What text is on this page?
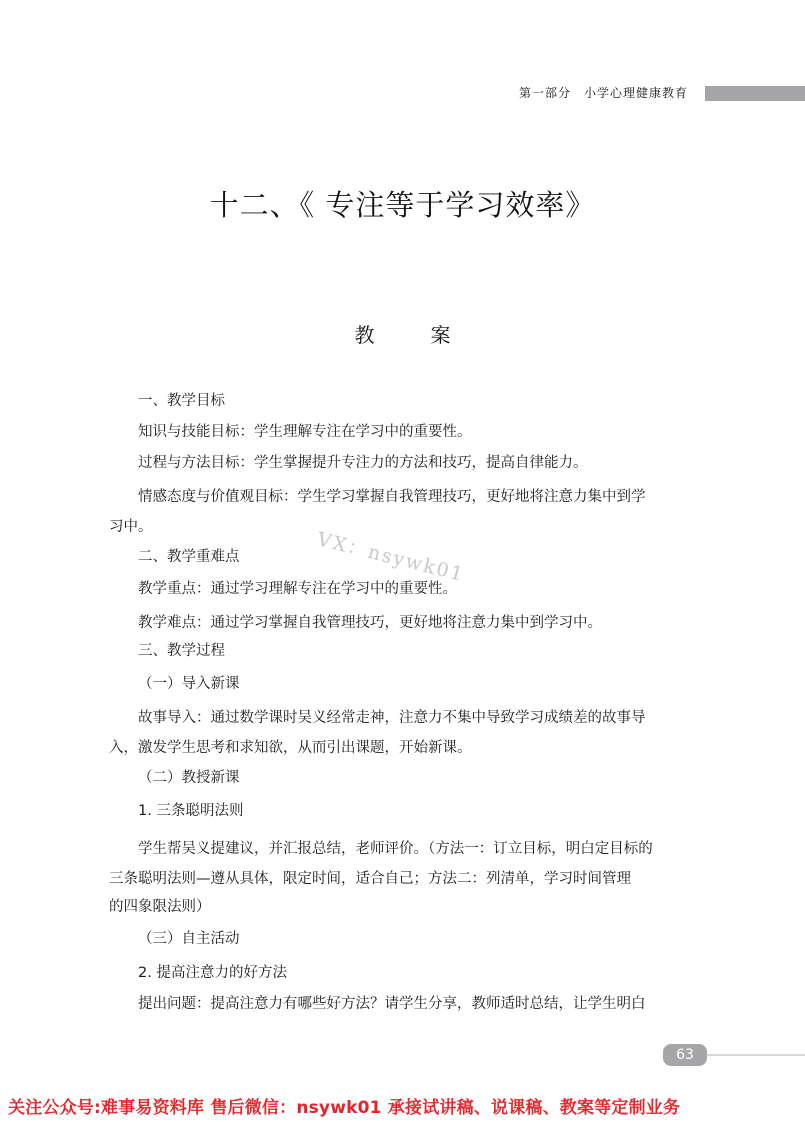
第一部分　小学心理健康教育
十二、《 专注等于学习效率》
教　案
一、教学目标
知识与技能目标：学生理解专注在学习中的重要性。
过程与方法目标：学生掌握提升专注力的方法和技巧，提高自律能力。
情感态度与价值观目标：学生学习掌握自我管理技巧，更好地将注意力集中到学
习中。
二、教学重难点
教学重点：通过学习理解专注在学习中的重要性。
教学难点：通过学习掌握自我管理技巧，更好地将注意力集中到学习中。
三、教学过程
（一）导入新课
故事导入：通过数学课时吴义经常走神，注意力不集中导致学习成绩差的故事导
入，激发学生思考和求知欲，从而引出课题，开始新课。
（二）教授新课
1. 三条聪明法则
学生帮吴义提建议，并汇报总结，老师评价。（方法一：订立目标，明白定目标的
三条聪明法则—遵从具体，限定时间，适合自己；方法二：列清单，学习时间管理
的四象限法则）
（三）自主活动
2. 提高注意力的好方法
提出问题：提高注意力有哪些好方法？请学生分享，教师适时总结，让学生明白
VX：nsywk01
63
关注公众号:难事易资料库 售后微信：nsywk01 承接试讲稿、说课稿、教案等定制业务
